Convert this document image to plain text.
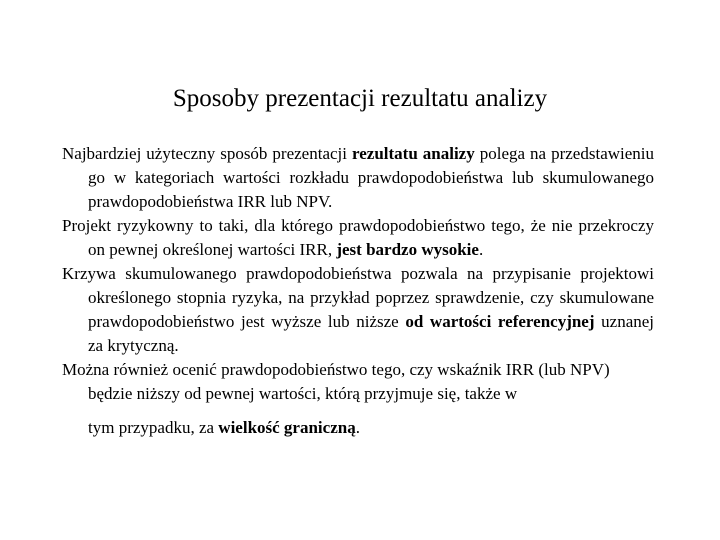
Sposoby prezentacji rezultatu analizy

Najbardziej użyteczny sposób prezentacji rezultatu analizy polega na przedstawieniu go w kategoriach wartości rozkładu prawdopodobieństwa lub skumulowanego prawdopodobieństwa IRR lub NPV.

Projekt ryzykowny to taki, dla którego prawdopodobieństwo tego, że nie przekroczy on pewnej określonej wartości IRR, jest bardzo wysokie.

Krzywa skumulowanego prawdopodobieństwa pozwala na przypisanie projektowi określonego stopnia ryzyka, na przykład poprzez sprawdzenie, czy skumulowane prawdopodobieństwo jest wyższe lub niższe od wartości referencyjnej uznanej za krytyczną.

Można również ocenić prawdopodobieństwo tego, czy wskaźnik IRR (lub NPV) będzie niższy od pewnej wartości, którą przyjmuje się, także w
tym przypadku, za wielkość graniczną.
